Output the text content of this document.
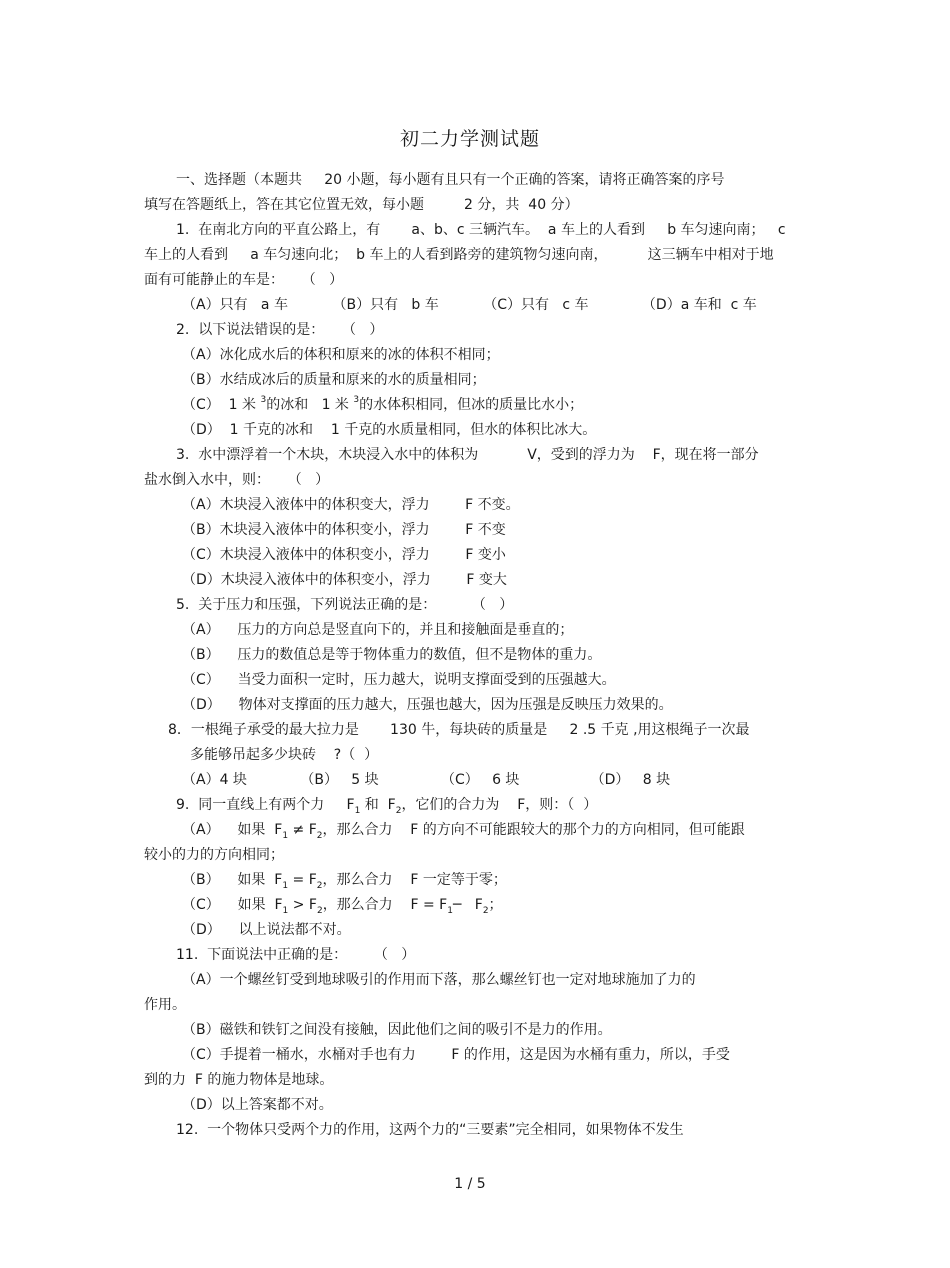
初二力学测试题
一、选择题（本题共     20 小题，每小题有且只有一个正确的答案，请将正确答案的序号
填写在答题纸上，答在其它位置无效，每小题         2 分，共  40 分）
1.  在南北方向的平直公路上，有       a、b、c 三辆汽车。  a 车上的人看到     b 车匀速向南；   c
车上的人看到     a 车匀速向北；  b 车上的人看到路旁的建筑物匀速向南，         这三辆车中相对于地
面有可能静止的车是：    （   ）
（A）只有   a 车          （B）只有   b 车          （C）只有   c 车            （D）a 车和  c 车
2.  以下说法错误的是：    （   ）
（A）冰化成水后的体积和原来的冰的体积不相同；
（B）水结成冰后的质量和原来的水的质量相同；
（C）  1 米 $^3$的冰和   1 米 $^3$的水体积相同，但冰的质量比水小；
（D）  1 千克的冰和    1 千克的水质量相同，但水的体积比冰大。
3.  水中漂浮着一个木块，木块浸入水中的体积为           V，受到的浮力为    F，现在将一部分
盐水倒入水中，则：    （   ）
（A）木块浸入液体中的体积变大，浮力        F 不变。
（B）木块浸入液体中的体积变小，浮力        F 不变
（C）木块浸入液体中的体积变小，浮力        F 变小
（D）木块浸入液体中的体积变小，浮力        F 变大
5.  关于压力和压强，下列说法正确的是：        （   ）
（A）    压力的方向总是竖直向下的，并且和接触面是垂直的；
（B）    压力的数值总是等于物体重力的数值，但不是物体的重力。
（C）    当受力面积一定时，压力越大，说明支撑面受到的压强越大。
（D）    物体对支撑面的压力越大，压强也越大，因为压强是反映压力效果的。
8．一根绳子承受的最大拉力是       130 牛，每块砖的质量是     2 .5 千克 ,用这根绳子一次最
多能够吊起多少块砖    ?（  ）
（A）4 块            （B）   5 块              （C）   6 块                （D）   8 块
9.  同一直线上有两个力     $F_1$ 和  $F_2$，它们的合力为    F，则：（  ）
（A）    如果  $F_1 \ne F_2$，那么合力    F 的方向不可能跟较大的那个力的方向相同，但可能跟
较小的力的方向相同；
（B）    如果  $F_1 = F_2$，那么合力    F 一定等于零；
（C）    如果  $F_1 > F_2$，那么合力    $F = F_1─$   $F_2$；
（D）    以上说法都不对。
11.  下面说法中正确的是：      （   ）
（A）一个螺丝钉受到地球吸引的作用而下落，那么螺丝钉也一定对地球施加了力的
作用。
（B）磁铁和铁钉之间没有接触，因此他们之间的吸引不是力的作用。
（C）手提着一桶水，水桶对手也有力        F 的作用，这是因为水桶有重力，所以，手受
到的力  F 的施力物体是地球。
（D）以上答案都不对。
12.  一个物体只受两个力的作用，这两个力的“三要素”完全相同，如果物体不发生
1 / 5
